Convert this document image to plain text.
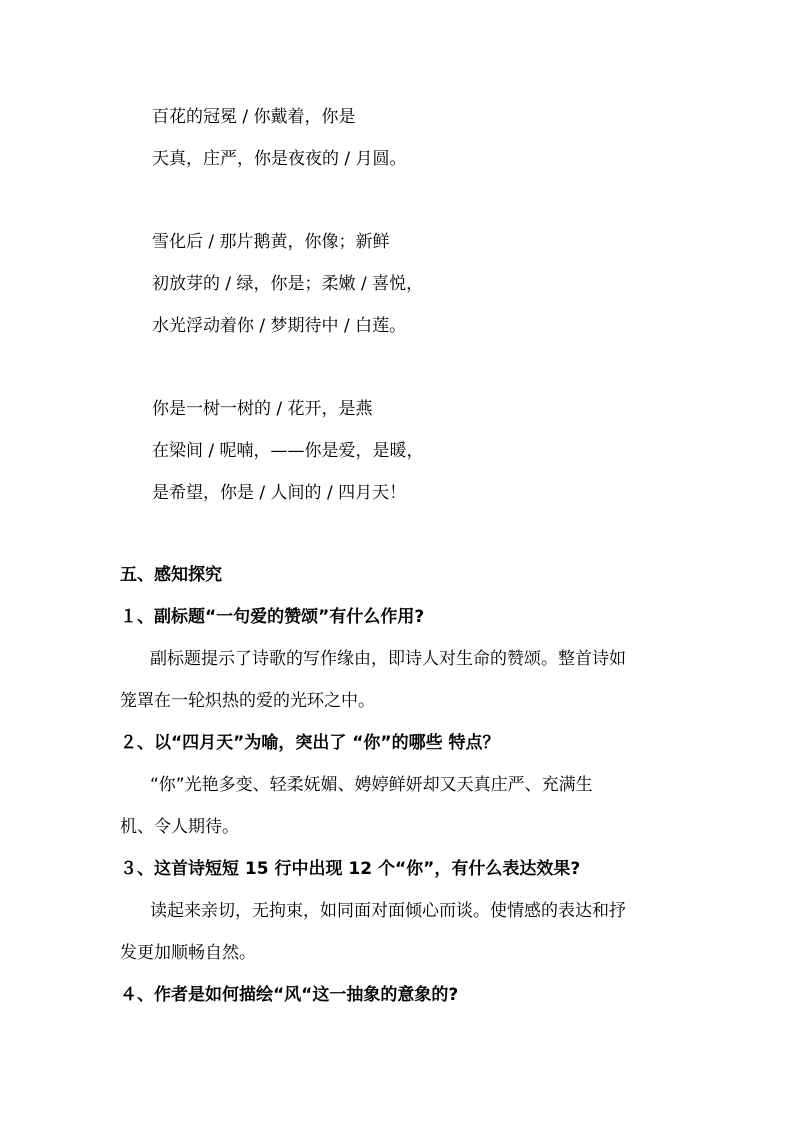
百花的冠冕 / 你戴着，你是
天真，庄严，你是夜夜的 / 月圆。
雪化后 / 那片鹅黄，你像；新鲜
初放芽的 / 绿，你是；柔嫩 / 喜悦，
水光浮动着你 / 梦期待中 / 白莲。
你是一树一树的 / 花开，是燕
在梁间 / 呢喃，——你是爱，是暖，
是希望，你是 / 人间的 / 四月天！
五、感知探究
１、副标题“一句爱的赞颂”有什么作用?
副标题提示了诗歌的写作缘由，即诗人对生命的赞颂。整首诗如
笼罩在一轮炽热的爱的光环之中。
２、以“四月天”为喻，突出了 “你”的哪些 特点？
“你”光艳多变、轻柔妩媚、娉婷鲜妍却又天真庄严、充满生
机、令人期待。
３、这首诗短短 15 行中出现 12 个“你”，有什么表达效果?
读起来亲切，无拘束，如同面对面倾心而谈。使情感的表达和抒
发更加顺畅自然。
４、作者是如何描绘“风“这一抽象的意象的?
